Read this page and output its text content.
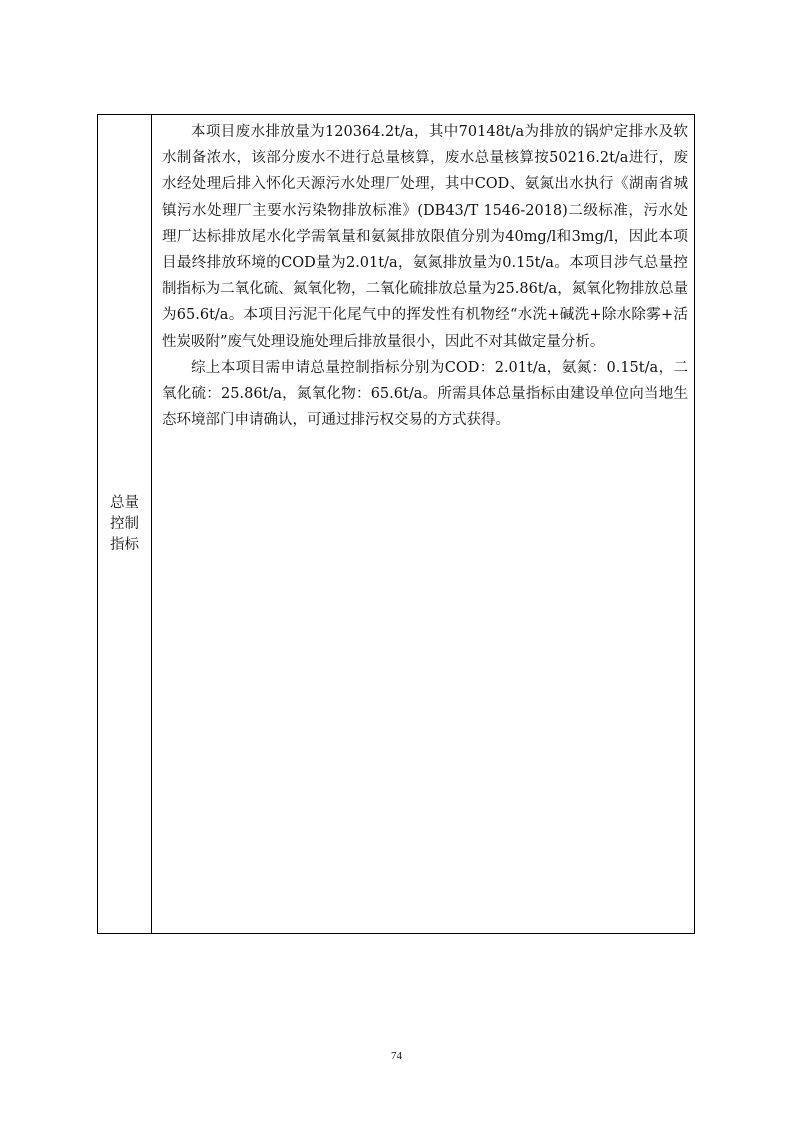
总量控制指标

本项目废水排放量为120364.2t/a，其中70148t/a为排放的锅炉定排水及软水制备浓水，该部分废水不进行总量核算，废水总量核算按50216.2t/a进行，废水经处理后排入怀化天源污水处理厂处理，其中COD、氨氮出水执行《湖南省城镇污水处理厂主要水污染物排放标准》(DB43/T 1546-2018)二级标准，污水处理厂达标排放尾水化学需氧量和氨氮排放限值分别为40mg/l和3mg/l，因此本项目最终排放环境的COD量为2.01t/a，氨氮排放量为0.15t/a。本项目涉气总量控制指标为二氧化硫、氮氧化物，二氧化硫排放总量为25.86t/a，氮氧化物排放总量为65.6t/a。本项目污泥干化尾气中的挥发性有机物经“水洗+碱洗+除水除雾+活性炭吸附”废气处理设施处理后排放量很小，因此不对其做定量分析。

综上本项目需申请总量控制指标分别为COD：2.01t/a，氨氮：0.15t/a，二氧化硫：25.86t/a，氮氧化物：65.6t/a。所需具体总量指标由建设单位向当地生态环境部门申请确认，可通过排污权交易的方式获得。

74
